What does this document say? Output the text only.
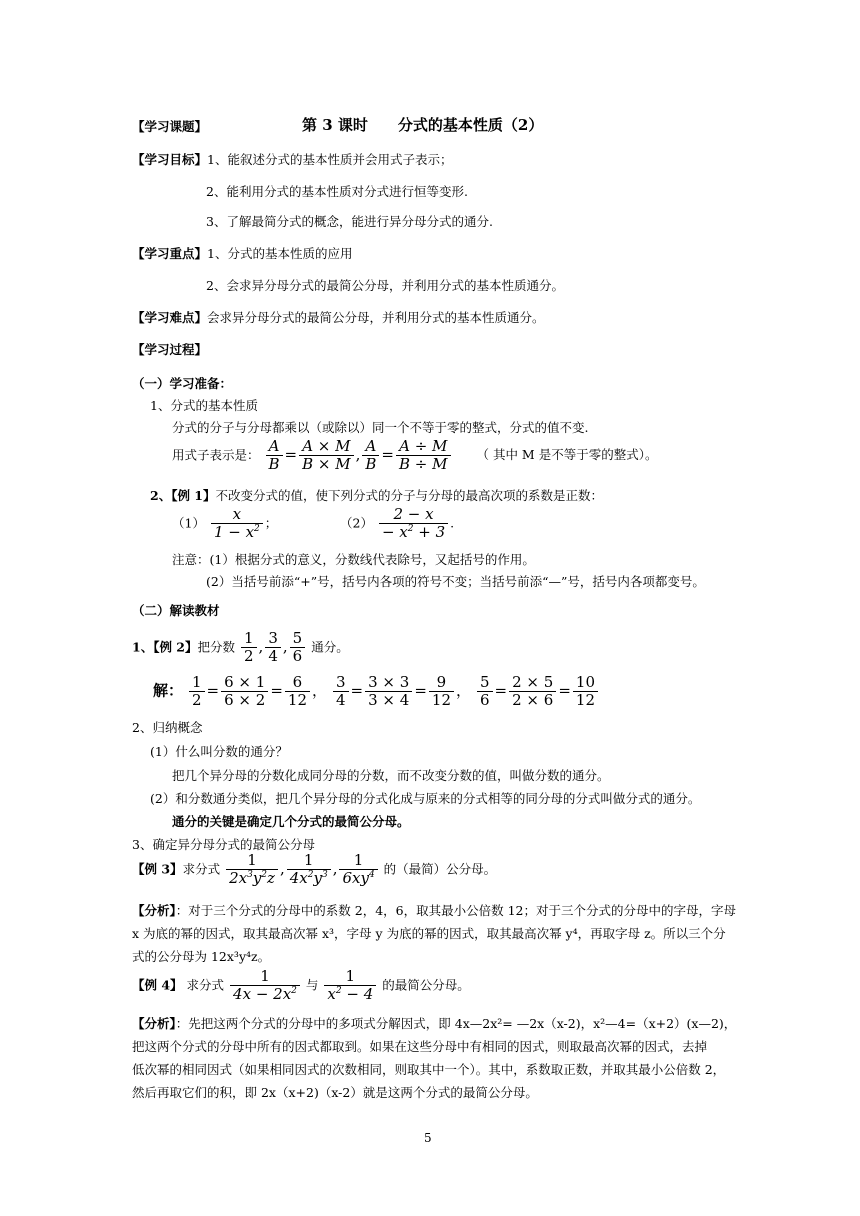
【学习课题】	第 3 课时　　分式的基本性质（2）
【学习目标】1、能叙述分式的基本性质并会用式子表示；
2、能利用分式的基本性质对分式进行恒等变形.
3、了解最简分式的概念，能进行异分母分式的通分.
【学习重点】1、分式的基本性质的应用
2、会求异分母分式的最简公分母，并利用分式的基本性质通分。
【学习难点】会求异分母分式的最简公分母，并利用分式的基本性质通分。
【学习过程】
（一）学习准备：
1、分式的基本性质
分式的分子与分母都乘以（或除以）同一个不等于零的整式，分式的值不变.
用式子表示是： $\frac{A}{B} = \frac{A \times M}{B \times M}$ , $\frac{A}{B} = \frac{A \div M}{B \div M}$ （ 其中 M 是不等于零的整式）。
2、【例 1】不改变分式的值，使下列分式的分子与分母的最高次项的系数是正数：
$(1) \frac{x}{1 - x^2}$ ；	$(2) \frac{2 - x}{- x^2 + 3}$ .
注意：(1）根据分式的意义，分数线代表除号，又起括号的作用。
(2）当括号前添“+”号，括号内各项的符号不变；当括号前添“—”号，括号内各项都变号。
（二）解读教材
1、【例 2】把分数 $\frac{1}{2}$ , $\frac{3}{4}$ , $\frac{5}{6}$ 通分。
解： $\frac{1}{2} = \frac{6 \times 1}{6 \times 2} = \frac{6}{12}$ ， $\frac{3}{4} = \frac{3 \times 3}{3 \times 4} = \frac{9}{12}$ ， $\frac{5}{6} = \frac{2 \times 5}{2 \times 6} = \frac{10}{12}$
2、归纳概念
(1）什么叫分数的通分？
把几个异分母的分数化成同分母的分数，而不改变分数的值，叫做分数的通分。
(2）和分数通分类似，把几个异分母的分式化成与原来的分式相等的同分母的分式叫做分式的通分。
通分的关键是确定几个分式的最简公分母。
3、确定异分母分式的最简公分母
【例 3】求分式 $\frac{1}{2x^3y^2z}$ , $\frac{1}{4x^2y^3}$ , $\frac{1}{6xy^4}$ 的（最简）公分母。
【分析】：对于三个分式的分母中的系数 2，4，6，取其最小公倍数 12；对于三个分式的分母中的字母，字母
x 为底的幂的因式，取其最高次幂 x³，字母 y 为底的幂的因式，取其最高次幂 y⁴，再取字母 z。所以三个分
式的公分母为 12x³y⁴z。
【例 4】 求分式 $\frac{1}{4x - 2x^2}$ 与 $\frac{1}{x^2 - 4}$ 的最简公分母。
【分析】：先把这两个分式的分母中的多项式分解因式，即 4x—2x²= —2x（x-2)，x²—4=（x+2）(x—2)，
把这两个分式的分母中所有的因式都取到。如果在这些分母中有相同的因式，则取最高次幂的因式，去掉
低次幂的相同因式（如果相同因式的次数相同，则取其中一个）。其中，系数取正数，并取其最小公倍数 2，
然后再取它们的积，即 2x（x+2)（x-2）就是这两个分式的最简公分母。
5
